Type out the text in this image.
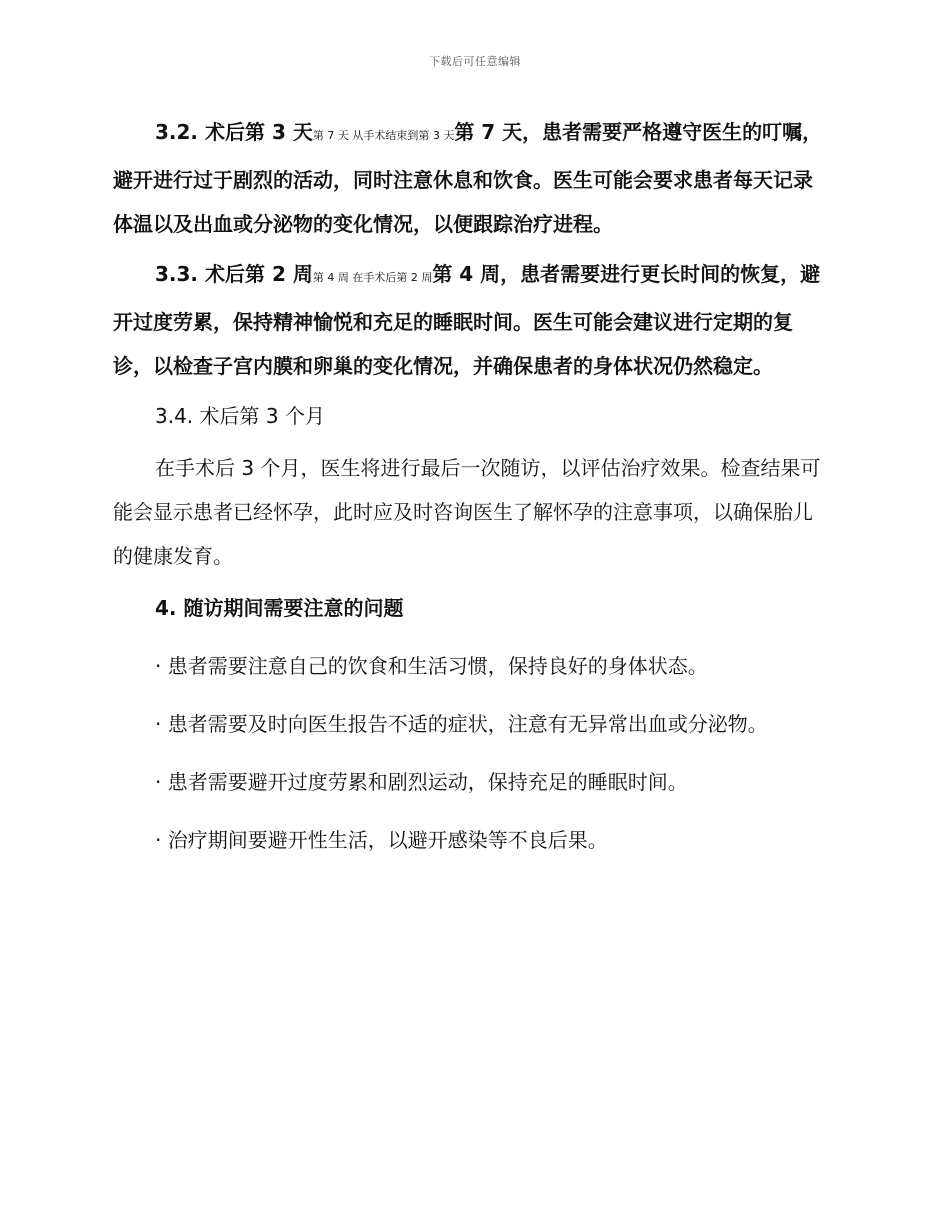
下载后可任意编辑

3.2. 术后第 3 天第 7 天 从手术结束到第 3 天第 7 天，患者需要严格遵守医生的叮嘱，避开进行过于剧烈的活动，同时注意休息和饮食。医生可能会要求患者每天记录体温以及出血或分泌物的变化情况，以便跟踪治疗进程。

3.3. 术后第 2 周第 4 周 在手术后第 2 周第 4 周，患者需要进行更长时间的恢复，避开过度劳累，保持精神愉悦和充足的睡眠时间。医生可能会建议进行定期的复诊，以检查子宫内膜和卵巢的变化情况，并确保患者的身体状况仍然稳定。

3.4. 术后第 3 个月

在手术后 3 个月，医生将进行最后一次随访，以评估治疗效果。检查结果可能会显示患者已经怀孕，此时应及时咨询医生了解怀孕的注意事项，以确保胎儿的健康发育。

4. 随访期间需要注意的问题

· 患者需要注意自己的饮食和生活习惯，保持良好的身体状态。

· 患者需要及时向医生报告不适的症状，注意有无异常出血或分泌物。

· 患者需要避开过度劳累和剧烈运动，保持充足的睡眠时间。

· 治疗期间要避开性生活，以避开感染等不良后果。
